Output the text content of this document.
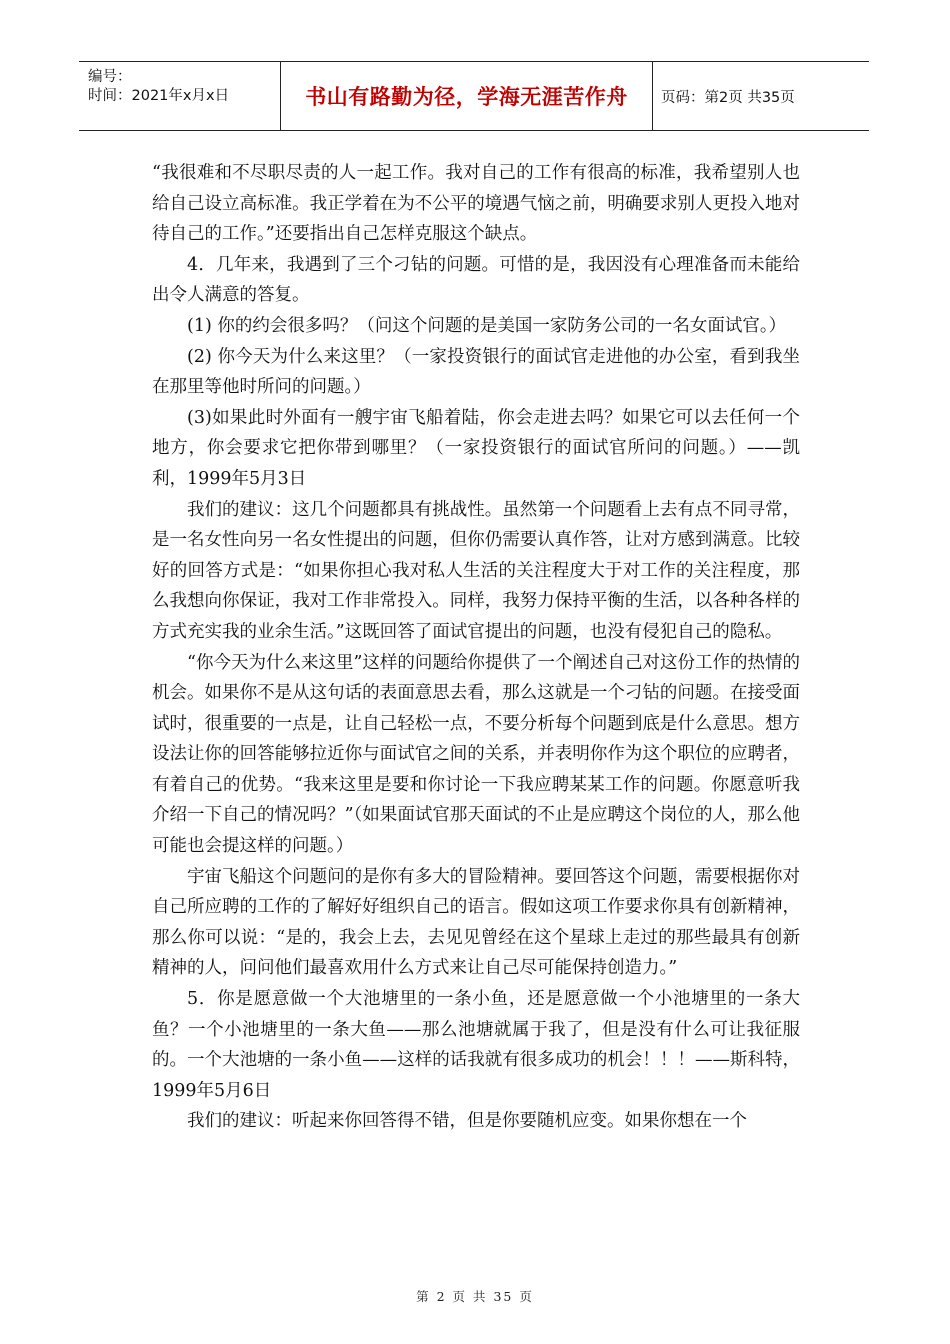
编号：
时间：2021年x月x日	书山有路勤为径，学海无涯苦作舟	页码：第2页 共35页

“我很难和不尽职尽责的人一起工作。我对自己的工作有很高的标准，我希望别人也给自己设立高标准。我正学着在为不公平的境遇气恼之前，明确要求别人更投入地对待自己的工作。”还要指出自己怎样克服这个缺点。

4．几年来，我遇到了三个刁钻的问题。可惜的是，我因没有心理准备而未能给出令人满意的答复。

(1) 你的约会很多吗？（问这个问题的是美国一家防务公司的一名女面试官。）

(2) 你今天为什么来这里？（一家投资银行的面试官走进他的办公室，看到我坐在那里等他时所问的问题。）

(3)如果此时外面有一艘宇宙飞船着陆，你会走进去吗？如果它可以去任何一个地方，你会要求它把你带到哪里？（一家投资银行的面试官所问的问题。）——凯利，1999年5月3日

我们的建议：这几个问题都具有挑战性。虽然第一个问题看上去有点不同寻常，是一名女性向另一名女性提出的问题，但你仍需要认真作答，让对方感到满意。比较好的回答方式是：“如果你担心我对私人生活的关注程度大于对工作的关注程度，那么我想向你保证，我对工作非常投入。同样，我努力保持平衡的生活，以各种各样的方式充实我的业余生活。”这既回答了面试官提出的问题，也没有侵犯自己的隐私。

“你今天为什么来这里”这样的问题给你提供了一个阐述自己对这份工作的热情的机会。如果你不是从这句话的表面意思去看，那么这就是一个刁钻的问题。在接受面试时，很重要的一点是，让自己轻松一点，不要分析每个问题到底是什么意思。想方设法让你的回答能够拉近你与面试官之间的关系，并表明你作为这个职位的应聘者，有着自己的优势。“我来这里是要和你讨论一下我应聘某某工作的问题。你愿意听我介绍一下自己的情况吗？”（如果面试官那天面试的不止是应聘这个岗位的人，那么他可能也会提这样的问题。）

宇宙飞船这个问题问的是你有多大的冒险精神。要回答这个问题，需要根据你对自己所应聘的工作的了解好好组织自己的语言。假如这项工作要求你具有创新精神，那么你可以说：“是的，我会上去，去见见曾经在这个星球上走过的那些最具有创新精神的人，问问他们最喜欢用什么方式来让自己尽可能保持创造力。”

5．你是愿意做一个大池塘里的一条小鱼，还是愿意做一个小池塘里的一条大鱼？一个小池塘里的一条大鱼——那么池塘就属于我了，但是没有什么可让我征服的。一个大池塘的一条小鱼——这样的话我就有很多成功的机会！！！——斯科特，1999年5月6日

我们的建议：听起来你回答得不错，但是你要随机应变。如果你想在一个

第 2 页 共 35 页
